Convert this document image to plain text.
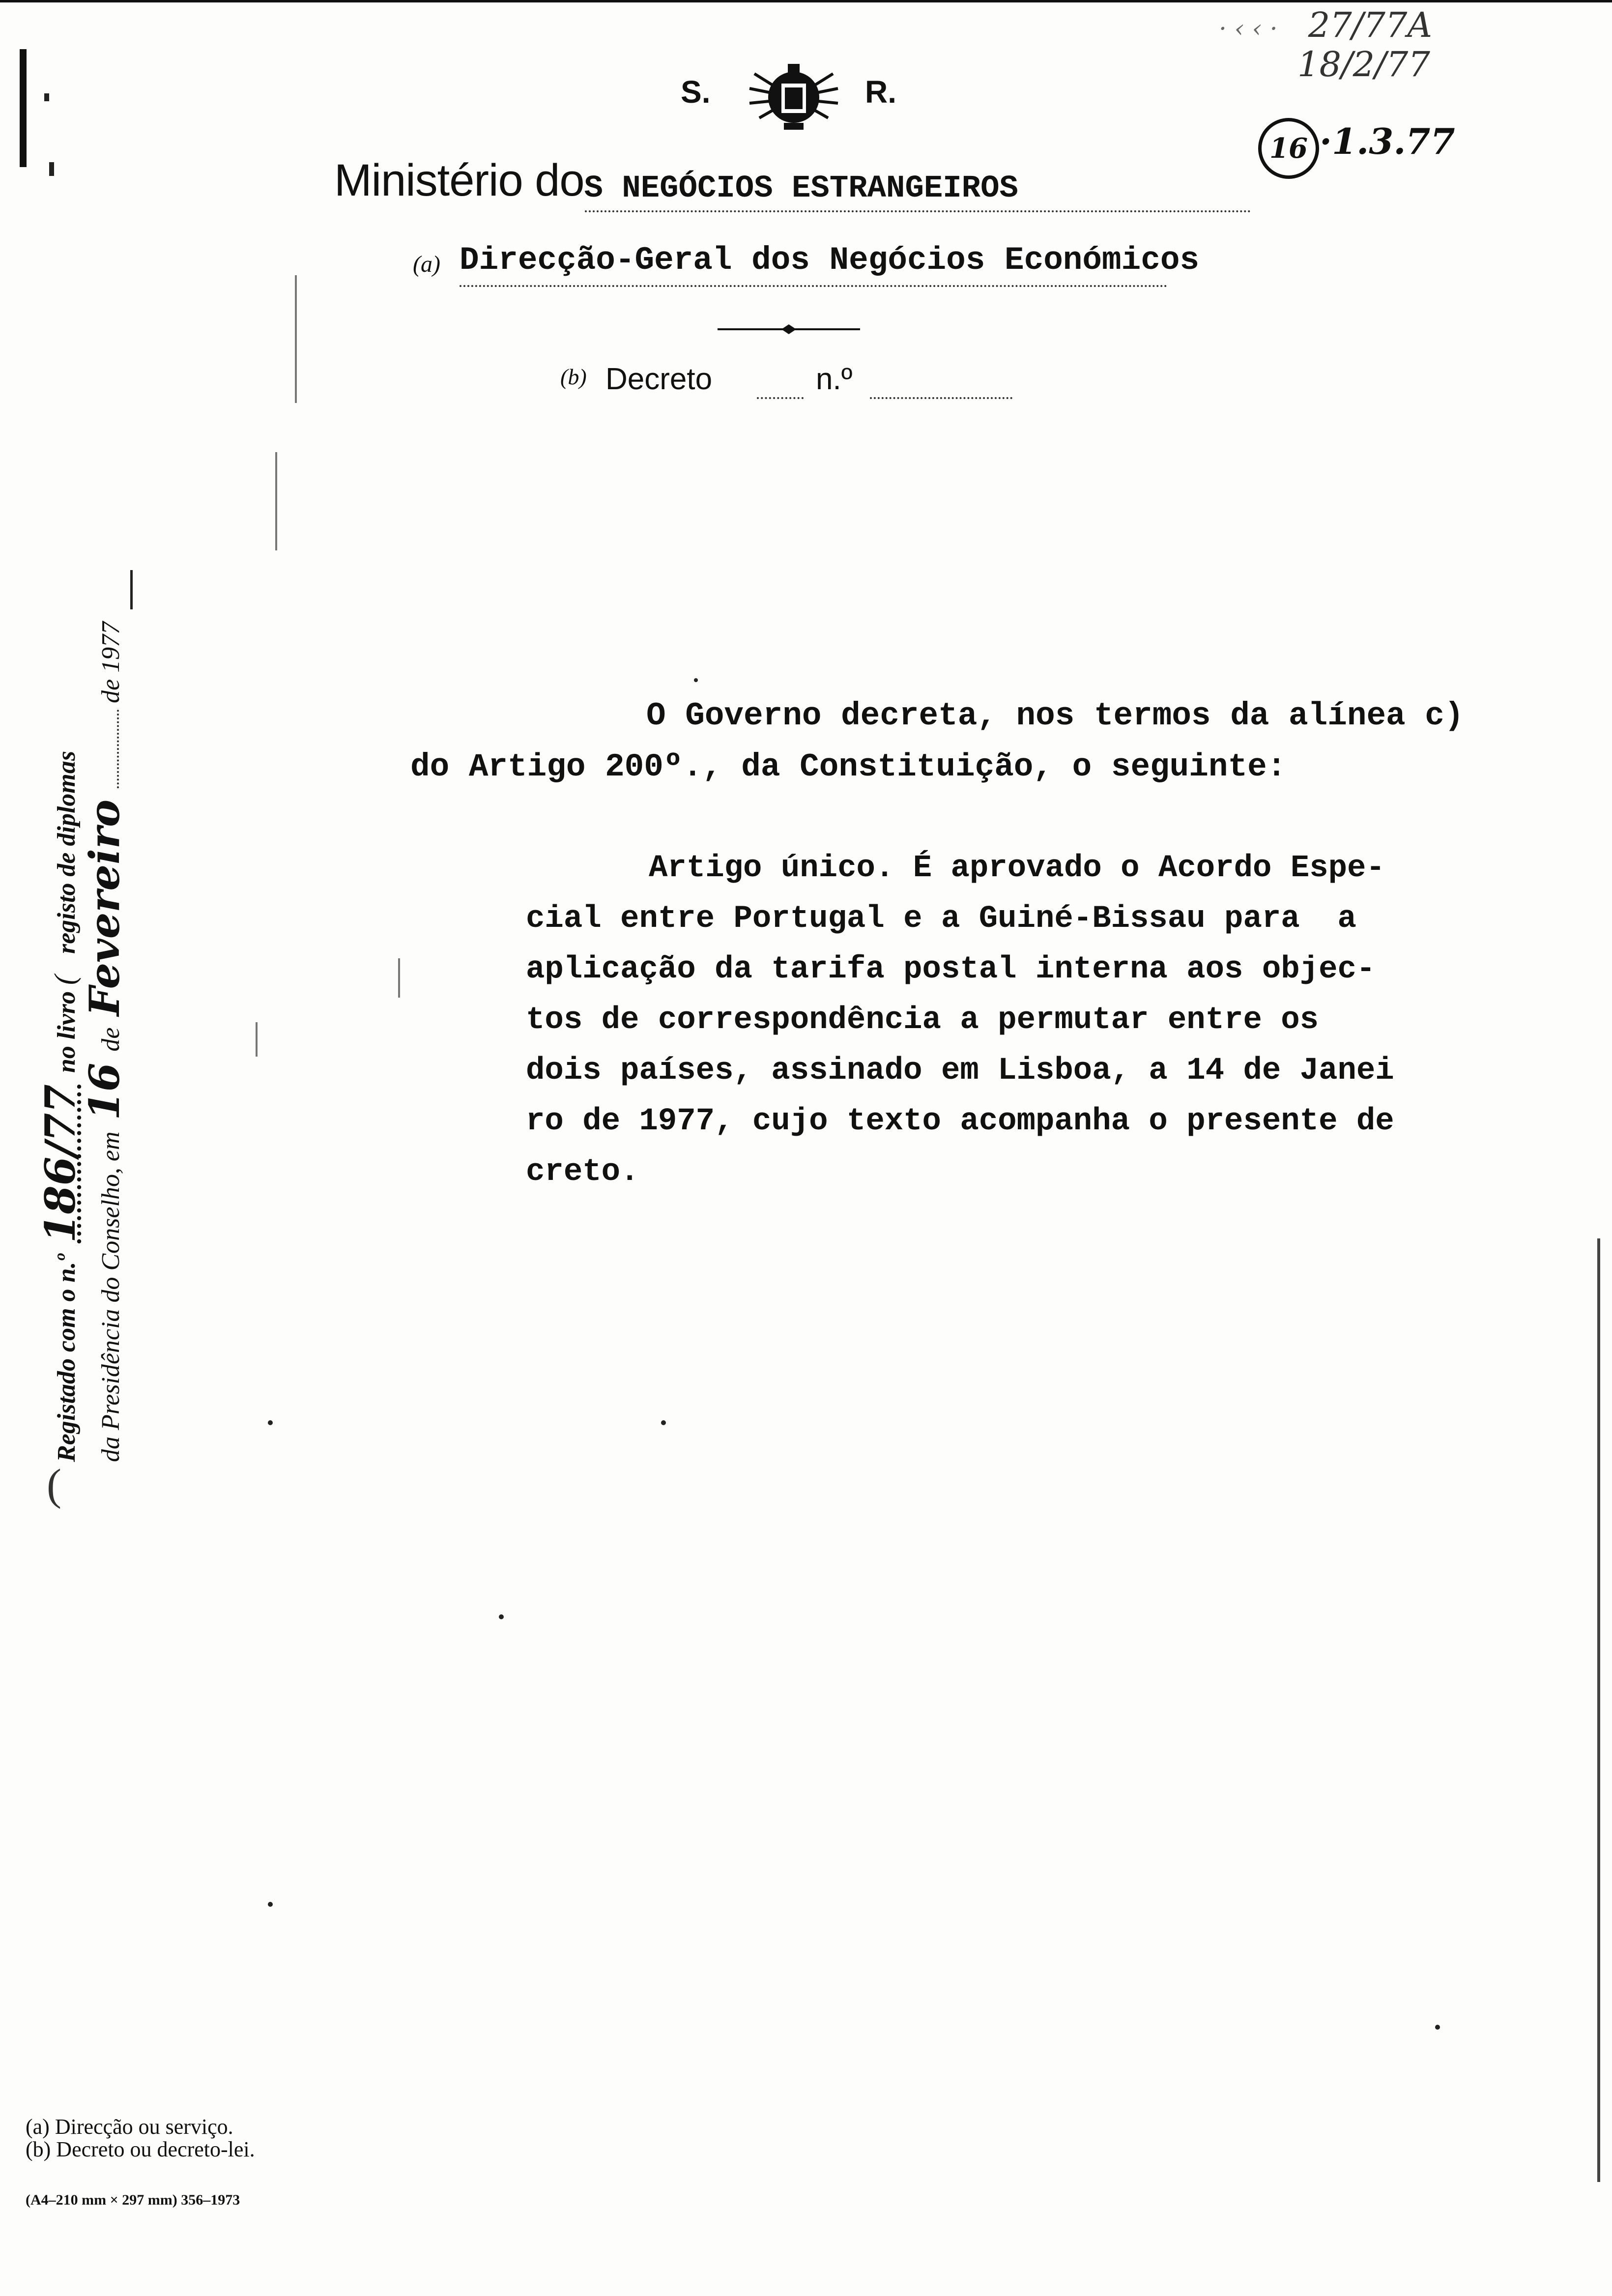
S.	R.
Ministério doS NEGÓCIOS ESTRANGEIROS
(a) Direcção-Geral dos Negócios Económicos
(b) Decreto	n.º
· ‹ ‹ · 27/77A
18/2/77
16 ·1.3.77
Registado com o n.º 186/77 no livro ( registo de diplomas
da Presidência do Conselho, em 16 de Fevereiro  de 1977
(

O Governo decreta, nos termos da alínea c)

do Artigo 200º., da Constituição, o seguinte:

Artigo único. É aprovado o Acordo Espe-

cial entre Portugal e a Guiné-Bissau para  a

aplicação da tarifa postal interna aos objec-

tos de correspondência a permutar entre os

dois países, assinado em Lisboa, a 14 de Janei

ro de 1977, cujo texto acompanha o presente de

creto.

(a) Direcção ou serviço.
(b) Decreto ou decreto-lei.
(A4–210 mm × 297 mm) 356–1973
